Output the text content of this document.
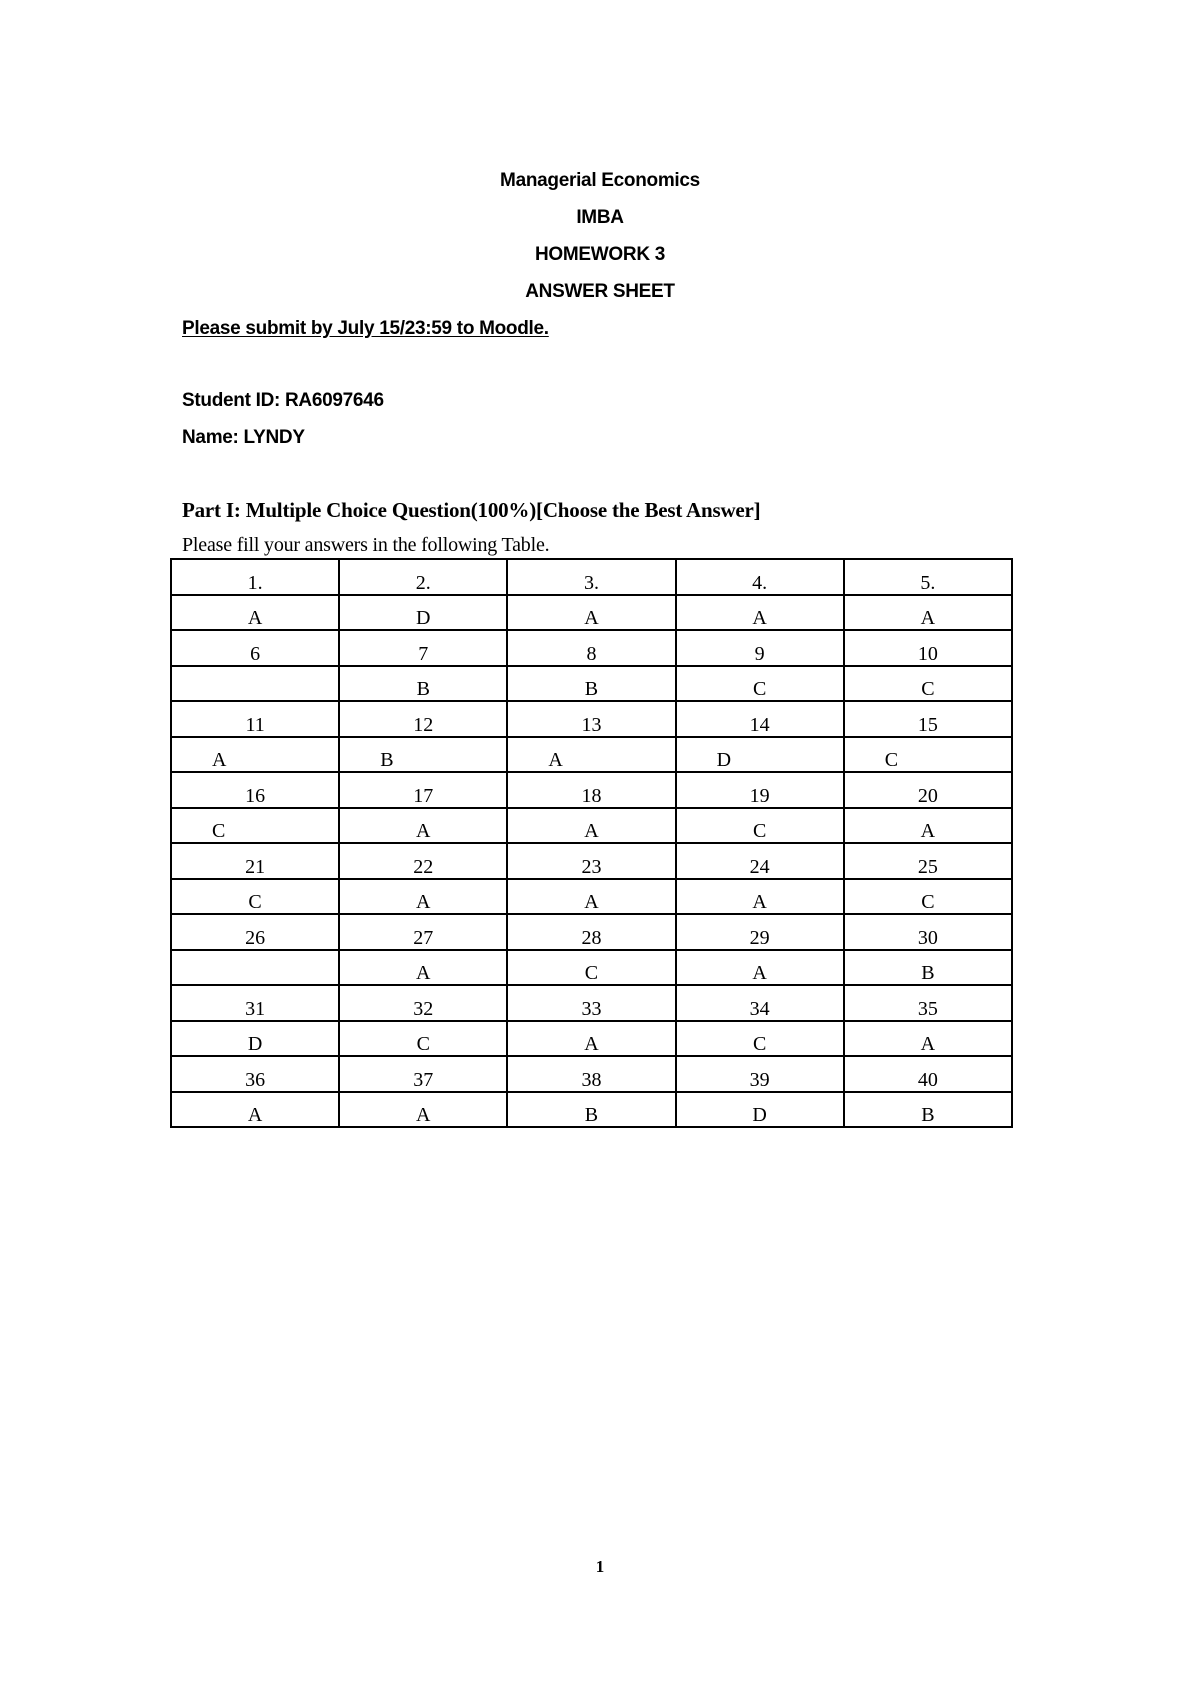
Managerial Economics
IMBA
HOMEWORK 3
ANSWER SHEET
Please submit by July 15/23:59 to Moodle.
Student ID: RA6097646
Name: LYNDY
Part I: Multiple Choice Question(100%)[Choose the Best Answer]
Please fill your answers in the following Table.
1.	2.	3.	4.	5.
A	D	A	A	A
6	7	8	9	10
	B	B	C	C
11	12	13	14	15
A	B	A	D	C
16	17	18	19	20
C	A	A	C	A
21	22	23	24	25
C	A	A	A	C
26	27	28	29	30
	A	C	A	B
31	32	33	34	35
D	C	A	C	A
36	37	38	39	40
A	A	B	D	B
1
